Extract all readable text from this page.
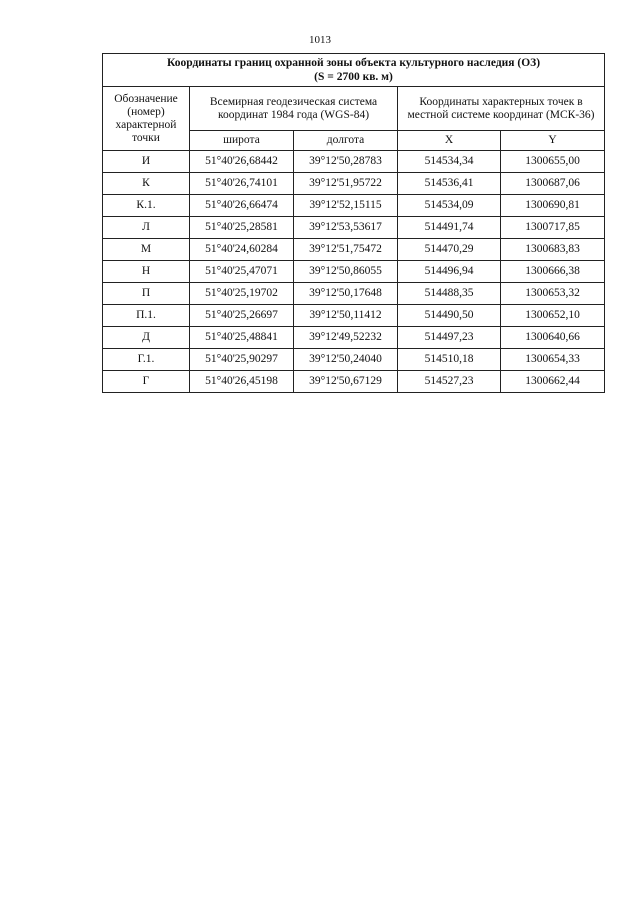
1013
Координаты границ охранной зоны объекта культурного наследия (ОЗ)
(S = 2700 кв. м)				

Обозначение (номер) характерной точки	Всемирная геодезическая система координат 1984 года (WGS-84)		Координаты характерных точек в местной системе координат (МСК-36)	
	широта	долгота	X	Y
И	51°40'26,68442	39°12'50,28783	514534,34	1300655,00
К	51°40'26,74101	39°12'51,95722	514536,41	1300687,06
К.1.	51°40'26,66474	39°12'52,15115	514534,09	1300690,81
Л	51°40'25,28581	39°12'53,53617	514491,74	1300717,85
М	51°40'24,60284	39°12'51,75472	514470,29	1300683,83
Н	51°40'25,47071	39°12'50,86055	514496,94	1300666,38
П	51°40'25,19702	39°12'50,17648	514488,35	1300653,32
П.1.	51°40'25,26697	39°12'50,11412	514490,50	1300652,10
Д	51°40'25,48841	39°12'49,52232	514497,23	1300640,66
Г.1.	51°40'25,90297	39°12'50,24040	514510,18	1300654,33
Г	51°40'26,45198	39°12'50,67129	514527,23	1300662,44
